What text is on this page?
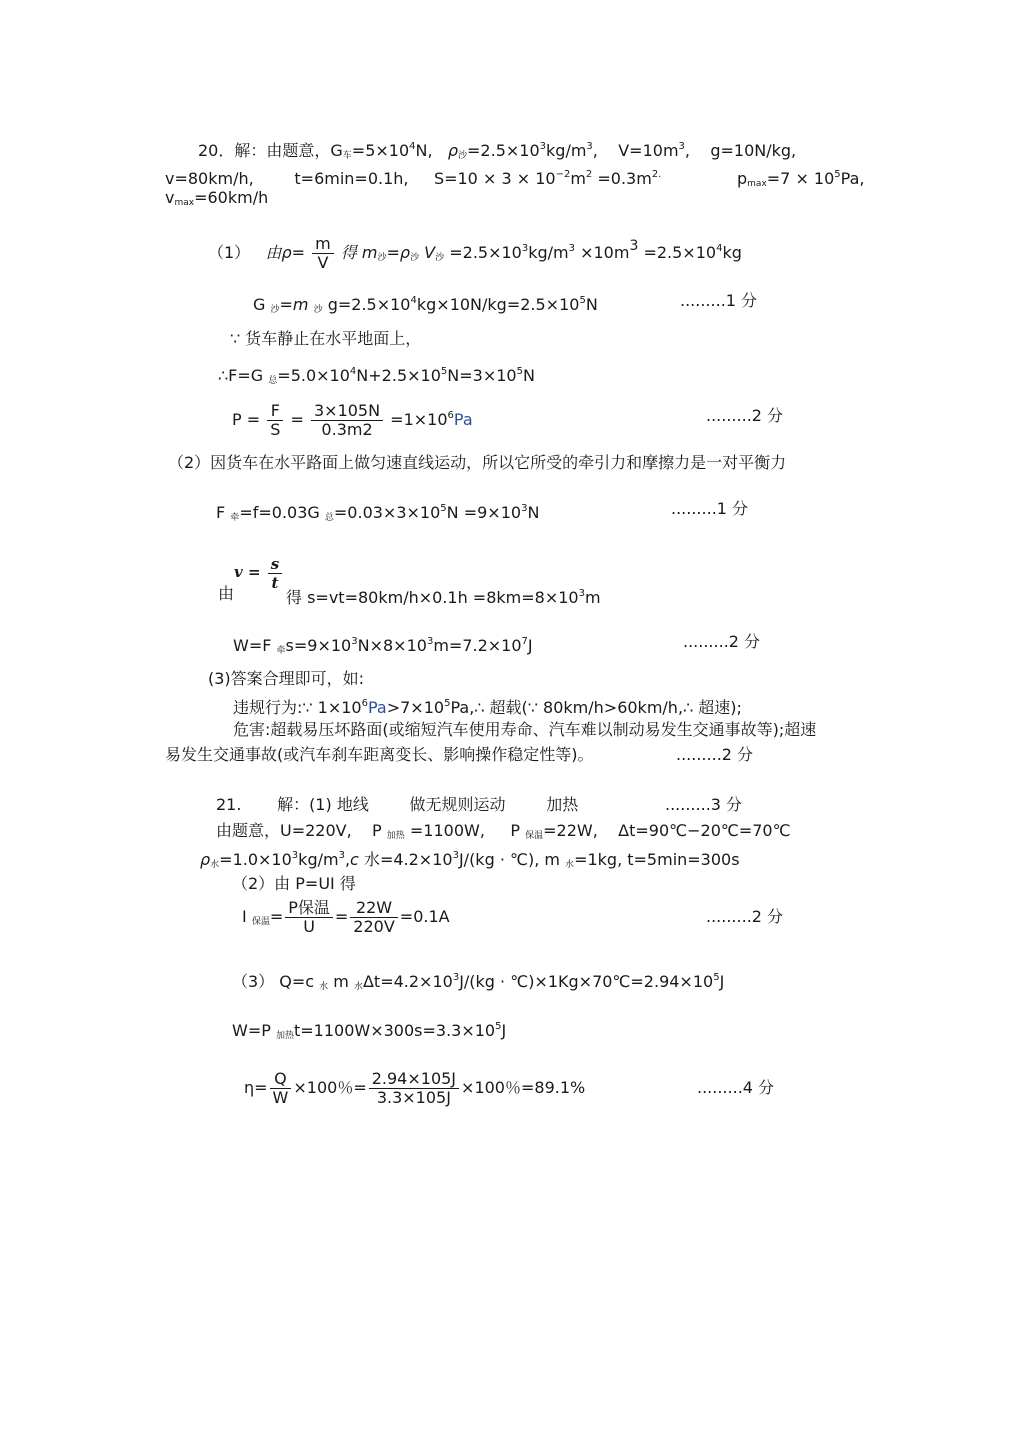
20．解：由题意，$G_车=5\times 10^4N$, $\rho_沙=2.5\times 10^3kg/m^3$, $V=10m^3$, g=10N/kg,
v=80km/h,	t=6min=0.1h, $S=10 \times 3 \times 10^{-2}m^2 =0.3m^{2.}$	$p_{max}=7 \times 10^5Pa$,
$v_{max}=60km/h$
（1） 由$\rho= \frac{m}{V}$ 得 $m_沙=\rho_沙$ $V_沙 =2.5\times 10^3kg/m^3 \times 10m3 =2.5\times 10^4kg$
G $_沙$=m $_沙$ $g=2.5\times 10^4kg\times 10N/kg=2.5\times 10^5N$	.........1 分
∵ 货车静止在水平地面上，
∴F=G $_总=5.0\times 10^4N+2.5\times 10^5N=3\times 10^5N$
$P = \frac{F}{S} = \frac{3\times 105N}{0.3m2} =1\times 10^6Pa$	.........2 分
（2）因货车在水平路面上做匀速直线运动，所以它所受的牵引力和摩擦力是一对平衡力
F $_牵$=f=0.03G $_总=0.03\times 3\times 10^5N =9\times 10^3N$	.........1 分
$v = \frac{s}{t}$
由	得 $s=vt=80km/h\times 0.1h =8km=8\times 10^3m$
W=F $_牵s=9\times 10^3N\times 8\times 10^3m=7.2\times 10^7J$	.........2 分
(3)答案合理即可，如:
违规行为:∵ $1\times 10^6Pa>7\times 10^5Pa,\therefore$ 超载(∵ 80km/h>60km/h,∴ 超速);
危害:超载易压坏路面(或缩短汽车使用寿命、汽车难以制动易发生交通事故等);超速
易发生交通事故(或汽车刹车距离变长、影响操作稳定性等)。	.........2 分
21. 解：(1) 地线	做无规则运动	加热	.........3 分
由题意，U=220V, P $_{加热}$ =1100W, P $_{保温}$=22W, Δt=90℃−20℃=70℃
$\rho_水=1.0\times 10^3kg/m^3,c$ 水$=4.2\times 10^3J/(kg$ · ℃), m $_水$=1kg, t=5min=300s
（2）由 P=UI 得
I $_{保温}= \frac{\text{P保温}}{U} = \frac{22W}{220V} =0.1A$	.........2 分
（3） Q=c $_水$ m $_水\Delta t=4.2\times 10^3J/(kg$ · $℃)\times 1Kg\times 70℃=2.94\times 10^5J$
W=P $_{加热}t=1100W\times 300s=3.3\times 10^5J$
$\eta= \frac{Q}{W} \times 100$％= $\frac{2.94\times 105J}{3.3\times 105J} \times 100$％=89.1%	.........4 分
